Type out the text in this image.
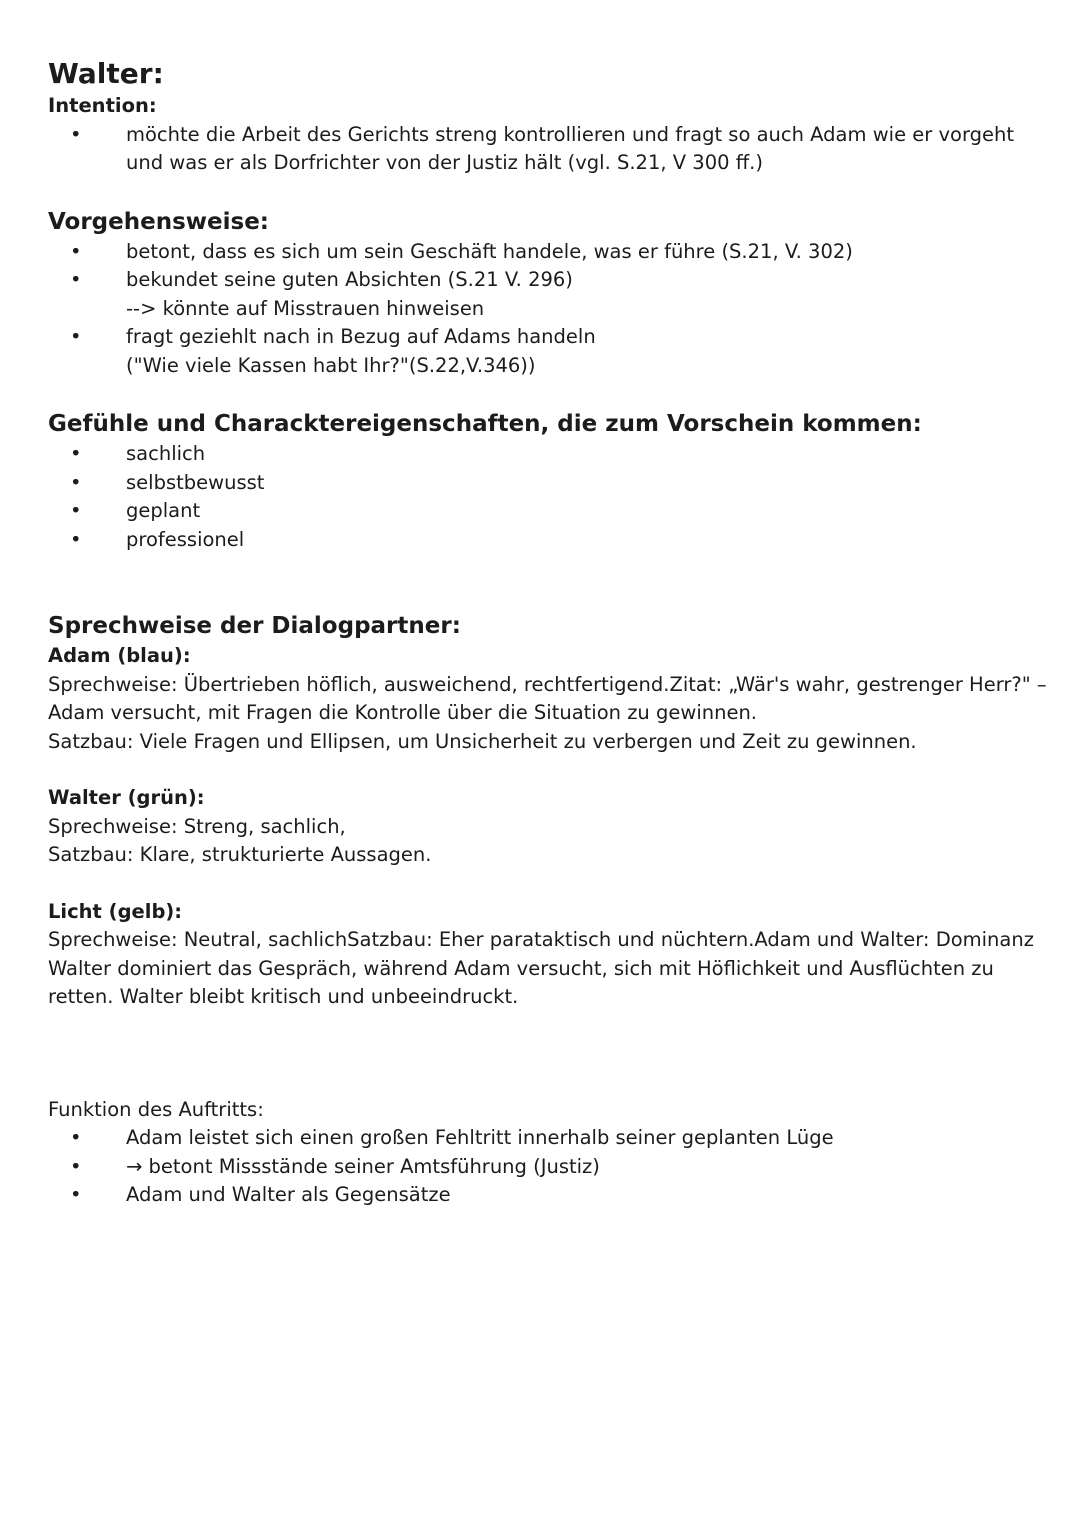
Walter:
Intention:
• möchte die Arbeit des Gerichts streng kontrollieren und fragt so auch Adam wie er vorgeht und was er als Dorfrichter von der Justiz hält (vgl. S.21, V 300 ff.)
Vorgehensweise:
• betont, dass es sich um sein Geschäft handele, was er führe (S.21, V. 302)
• bekundet seine guten Absichten (S.21 V. 296)
--> könnte auf Misstrauen hinweisen
• fragt geziehlt nach in Bezug auf Adams handeln
("Wie viele Kassen habt Ihr?"(S.22,V.346))
Gefühle und Characktereigenschaften, die zum Vorschein kommen:
• sachlich
• selbstbewusst
• geplant
• professionel
Sprechweise der Dialogpartner:
Adam (blau):

Sprechweise: Übertrieben höflich, ausweichend, rechtfertigend.Zitat: „Wär's wahr, gestrenger Herr?" – Adam versucht, mit Fragen die Kontrolle über die Situation zu gewinnen.

Satzbau: Viele Fragen und Ellipsen, um Unsicherheit zu verbergen und Zeit zu gewinnen.

Walter (grün):

Sprechweise: Streng, sachlich,

Satzbau: Klare, strukturierte Aussagen.

Licht (gelb):

Sprechweise: Neutral, sachlichSatzbau: Eher parataktisch und nüchtern.Adam und Walter: Dominanz

Walter dominiert das Gespräch, während Adam versucht, sich mit Höflichkeit und Ausflüchten zu retten. Walter bleibt kritisch und unbeeindruckt.

Funktion des Auftritts:
• Adam leistet sich einen großen Fehltritt innerhalb seiner geplanten Lüge
• → betont Missstände seiner Amtsführung (Justiz)
• Adam und Walter als Gegensätze
